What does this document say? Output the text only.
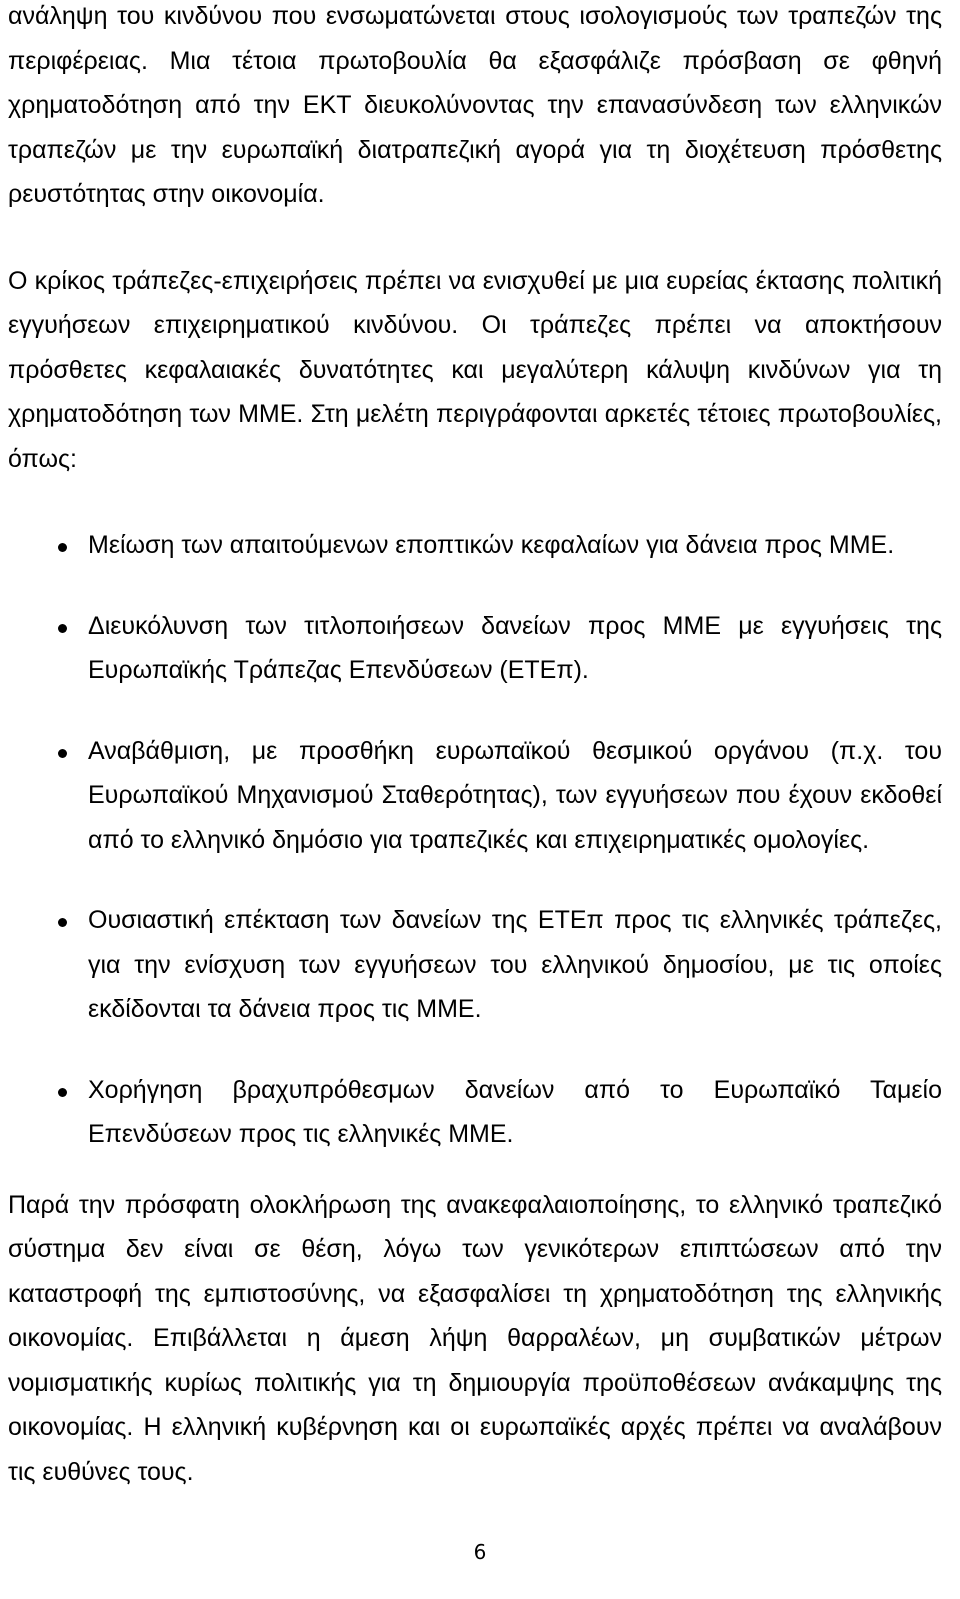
ανάληψη του κινδύνου που ενσωματώνεται στους ισολογισμούς των τραπεζών της περιφέρειας. Μια τέτοια πρωτοβουλία θα εξασφάλιζε πρόσβαση σε φθηνή χρηματοδότηση από την ΕΚΤ διευκολύνοντας την επανασύνδεση των ελληνικών τραπεζών με την ευρωπαϊκή διατραπεζική αγορά για τη διοχέτευση πρόσθετης ρευστότητας στην οικονομία.

Ο κρίκος τράπεζες-επιχειρήσεις πρέπει να ενισχυθεί με μια ευρείας έκτασης πολιτική εγγυήσεων επιχειρηματικού κινδύνου. Οι τράπεζες πρέπει να αποκτήσουν πρόσθετες κεφαλαιακές δυνατότητες και μεγαλύτερη κάλυψη κινδύνων για τη χρηματοδότηση των ΜΜΕ. Στη μελέτη περιγράφονται αρκετές τέτοιες πρωτοβουλίες, όπως:

Μείωση των απαιτούμενων εποπτικών κεφαλαίων για δάνεια προς ΜΜΕ.
Διευκόλυνση των τιτλοποιήσεων δανείων προς ΜΜΕ με εγγυήσεις της Ευρωπαϊκής Τράπεζας Επενδύσεων (ΕΤΕπ).
Αναβάθμιση, με προσθήκη ευρωπαϊκού θεσμικού οργάνου (π.χ. του Ευρωπαϊκού Μηχανισμού Σταθερότητας), των εγγυήσεων που έχουν εκδοθεί από το ελληνικό δημόσιο για τραπεζικές και επιχειρηματικές ομολογίες.
Ουσιαστική επέκταση των δανείων της ΕΤΕπ προς τις ελληνικές τράπεζες, για την ενίσχυση των εγγυήσεων του ελληνικού δημοσίου, με τις οποίες εκδίδονται τα δάνεια προς τις ΜΜΕ.
Χορήγηση βραχυπρόθεσμων δανείων από το Ευρωπαϊκό Ταμείο Επενδύσεων προς τις ελληνικές ΜΜΕ.

Παρά την πρόσφατη ολοκλήρωση της ανακεφαλαιοποίησης, το ελληνικό τραπεζικό σύστημα δεν είναι σε θέση, λόγω των γενικότερων επιπτώσεων από την καταστροφή της εμπιστοσύνης, να εξασφαλίσει τη χρηματοδότηση της ελληνικής οικονομίας. Επιβάλλεται η άμεση λήψη θαρραλέων, μη συμβατικών μέτρων νομισματικής κυρίως πολιτικής για τη δημιουργία προϋποθέσεων ανάκαμψης της οικονομίας. Η ελληνική κυβέρνηση και οι ευρωπαϊκές αρχές πρέπει να αναλάβουν τις ευθύνες τους.

6
